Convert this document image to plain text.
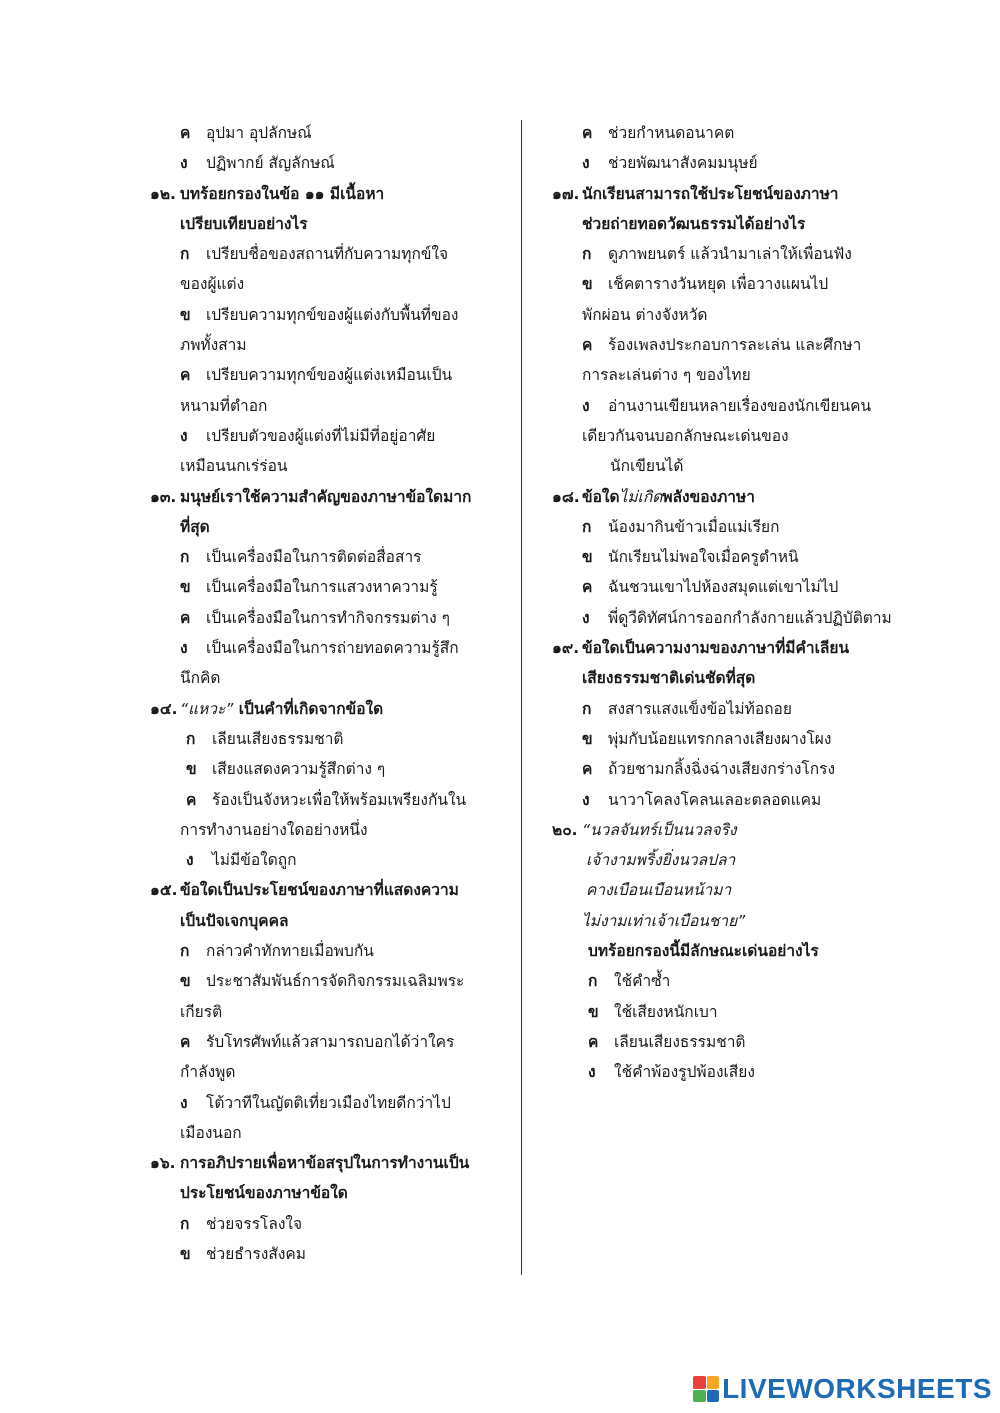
ค อุปมา อุปลักษณ์
ง ปฏิพากย์ สัญลักษณ์
๑๒. บทร้อยกรองในข้อ ๑๑ มีเนื้อหา
เปรียบเทียบอย่างไร
ก เปรียบชื่อของสถานที่กับความทุกข์ใจ
ของผู้แต่ง
ข เปรียบความทุกข์ของผู้แต่งกับพื้นที่ของ
ภพทั้งสาม
ค เปรียบความทุกข์ของผู้แต่งเหมือนเป็น
หนามที่ตำอก
ง เปรียบตัวของผู้แต่งที่ไม่มีที่อยู่อาศัย
เหมือนนกเร่ร่อน
๑๓. มนุษย์เราใช้ความสำคัญของภาษาข้อใดมาก
ที่สุด
ก เป็นเครื่องมือในการติดต่อสื่อสาร
ข เป็นเครื่องมือในการแสวงหาความรู้
ค เป็นเครื่องมือในการทำกิจกรรมต่าง ๆ
ง เป็นเครื่องมือในการถ่ายทอดความรู้สึก
นึกคิด
๑๔. “แหวะ” เป็นคำที่เกิดจากข้อใด
ก เลียนเสียงธรรมชาติ
ข เสียงแสดงความรู้สึกต่าง ๆ
ค ร้องเป็นจังหวะเพื่อให้พร้อมเพรียงกันใน
การทำงานอย่างใดอย่างหนึ่ง
ง ไม่มีข้อใดถูก
๑๕. ข้อใดเป็นประโยชน์ของภาษาที่แสดงความ
เป็นปัจเจกบุคคล
ก กล่าวคำทักทายเมื่อพบกัน
ข ประชาสัมพันธ์การจัดกิจกรรมเฉลิมพระ
เกียรติ
ค รับโทรศัพท์แล้วสามารถบอกได้ว่าใคร
กำลังพูด
ง โต้วาทีในญัตติเที่ยวเมืองไทยดีกว่าไป
เมืองนอก
๑๖. การอภิปรายเพื่อหาข้อสรุปในการทำงานเป็น
ประโยชน์ของภาษาข้อใด
ก ช่วยจรรโลงใจ
ข ช่วยธำรงสังคม
ค ช่วยกำหนดอนาคต
ง ช่วยพัฒนาสังคมมนุษย์
๑๗. นักเรียนสามารถใช้ประโยชน์ของภาษา
ช่วยถ่ายทอดวัฒนธรรมได้อย่างไร
ก ดูภาพยนตร์ แล้วนำมาเล่าให้เพื่อนฟัง
ข เช็คตารางวันหยุด เพื่อวางแผนไป
พักผ่อน ต่างจังหวัด
ค ร้องเพลงประกอบการละเล่น และศึกษา
การละเล่นต่าง ๆ ของไทย
ง อ่านงานเขียนหลายเรื่องของนักเขียนคน
เดียวกันจนบอกลักษณะเด่นของ
นักเขียนได้
๑๘. ข้อใดไม่เกิดพลังของภาษา
ก น้องมากินข้าวเมื่อแม่เรียก
ข นักเรียนไม่พอใจเมื่อครูตำหนิ
ค ฉันชวนเขาไปห้องสมุดแต่เขาไม่ไป
ง พี่ดูวีดิทัศน์การออกกำลังกายแล้วปฏิบัติตาม
๑๙. ข้อใดเป็นความงามของภาษาที่มีคำเลียน
เสียงธรรมชาติเด่นชัดที่สุด
ก สงสารแสงแข็งข้อไม่ท้อถอย
ข พุ่มกับน้อยแทรกกลางเสียงผางโผง
ค ถ้วยชามกลิ้งฉิ่งฉ่างเสียงกร่างโกรง
ง นาวาโคลงโคลนเลอะตลอดแคม
๒๐. “นวลจันทร์เป็นนวลจริง
เจ้างามพริ้งยิ่งนวลปลา
คางเบือนเบือนหน้ามา
ไม่งามเท่าเจ้าเบือนชาย”
บทร้อยกรองนี้มีลักษณะเด่นอย่างไร
ก ใช้คำซ้ำ
ข ใช้เสียงหนักเบา
ค เลียนเสียงธรรมชาติ
ง ใช้คำพ้องรูปพ้องเสียง
LIVEWORKSHEETS
